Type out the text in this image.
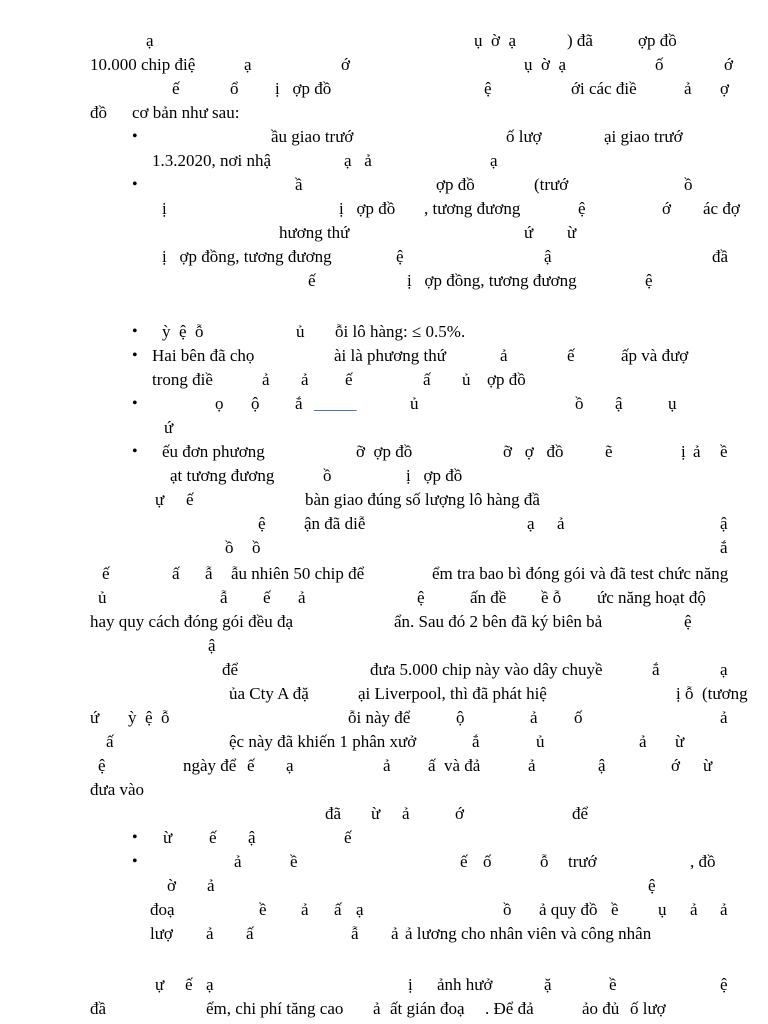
ạ	ụ  ờ  ạ	) đã	ợp đồ
10.000 chip điệ	ạ	ớ	ụ  ờ  ạ	ố	ớ
ế	ổ ị   ợp đồ	ệ	ới các điề	ả ợ
đồ cơ bản như sau:
•	ầu giao trướ	ố lượ	ại giao trướ
1.3.2020, nơi nhậ	ạ   ả	ạ
•	ầ	ợp đồ	(trướ	ồ
ị	ị   ợp đồ , tương đương	ệ	ớ ác đợ
hương thứ	ứ ừ
ị   ợp đồng, tương đương	ệ	ậ	đầ
ế	ị   ợp đồng, tương đương	ệ
• ỳ  ệ  ỗ	ủ ỗi lô hàng: ≤ 0.5%.
• Hai bên đã chọ	ài là phương thứ	ả	ế	ấp và đượ
trong điề	ả ả ế	ấ ủ ợp đồ
•	ọ ộ ắ _____	ủ	ồ ậ	ụ
ứ
• ếu đơn phương	ỡ  ợp đồ	ỡ   ợ   đồ ẽ	ị ả ề
ạt tương đương	ồ	ị   ợp đồ
ự ế	bàn giao đúng số lượng lô hàng đầ
ệ ận đã diễ	ạ ả	ậ
ồ ồ	ắ
ế	ấ ẫ ẫu nhiên 50 chip để	ểm tra bao bì đóng gói và đã test chức năng
ủ	ẫ ế ả	ệ	ấn đề ề ỗ ức năng hoạt độ
hay quy cách đóng gói đều đạ	ẩn. Sau đó 2 bên đã ký biên bả	ệ
ậ
để	đưa 5.000 chip này vào dây chuyề	ắ	ạ
ủa Cty A đặ	ại Liverpool, thì đã phát hiệ	ị ỗ (tương
ứ ỳ  ệ  ỗ	ỗi này để	ộ	ả ố	ả
ấ	ệc này đã khiến 1 phân xưở	ắ	ủ	ả ừ
ệ	ngày để ế ạ	ả ấ và đả	ả	ậ	ớ ừ
đưa vào
đã ừ ả	ớ	để
• ừ ế ậ	ế
•	ả	ề	ế ố	ỗ trướ	, đồ
ờ ả	ệ
đoạ	ề ả ấ ạ	ồ ả quy đồ ề ụ ả ả
lượ ả ấ	ẫ ả ả lương cho nhân viên và công nhân
ự ế ạ	ị ảnh hưở	ặ	ề	ệ
đầ	ếm, chi phí tăng cao ả ất gián đoạ . Để đả	ảo đủ ố lượ
